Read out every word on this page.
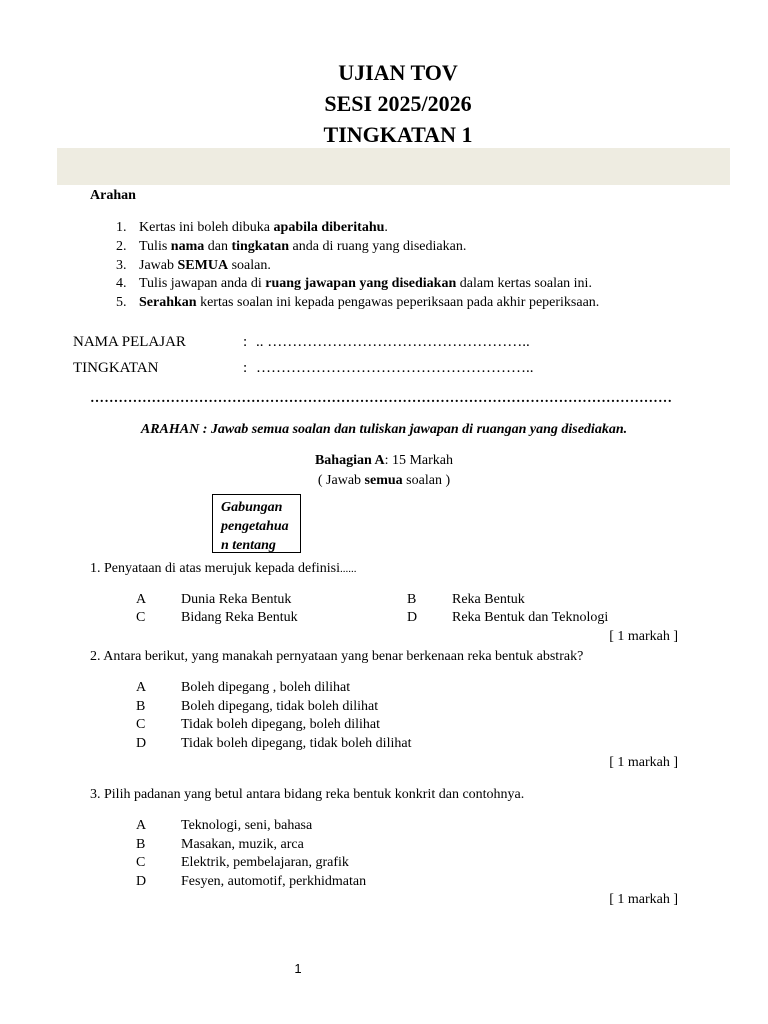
UJIAN TOV
SESI 2025/2026
TINGKATAN 1
Arahan
1. Kertas ini boleh dibuka apabila diberitahu.
2. Tulis nama dan tingkatan anda di ruang yang disediakan.
3. Jawab SEMUA soalan.
4. Tulis jawapan anda di ruang jawapan yang disediakan dalam kertas soalan ini.
5. Serahkan kertas soalan ini kepada pengawas peperiksaan pada akhir peperiksaan.
NAMA PELAJAR	: .. ……………………………………………..
TINGKATAN	: ………………………………………………..
……………………………………………………………………………………………………………
ARAHAN : Jawab semua soalan dan tuliskan jawapan di ruangan yang disediakan.
Bahagian A: 15 Markah
( Jawab semua soalan )
Gabungan
pengetahua
n tentang
1. Penyataan di atas merujuk kepada definisi......
A Dunia Reka Bentuk	B	Reka Bentuk
C	Bidang Reka Bentuk	D Reka Bentuk dan Teknologi
[ 1 markah ]
2. Antara berikut, yang manakah pernyataan yang benar berkenaan reka bentuk abstrak?
A Boleh dipegang , boleh dilihat
B	Boleh dipegang, tidak boleh dilihat
C	Tidak boleh dipegang, boleh dilihat
D Tidak boleh dipegang, tidak boleh dilihat
[ 1 markah ]
3. Pilih padanan yang betul antara bidang reka bentuk konkrit dan contohnya.
A Teknologi, seni, bahasa
B	Masakan, muzik, arca
C	Elektrik, pembelajaran, grafik
D Fesyen, automotif, perkhidmatan
[ 1 markah ]
1
